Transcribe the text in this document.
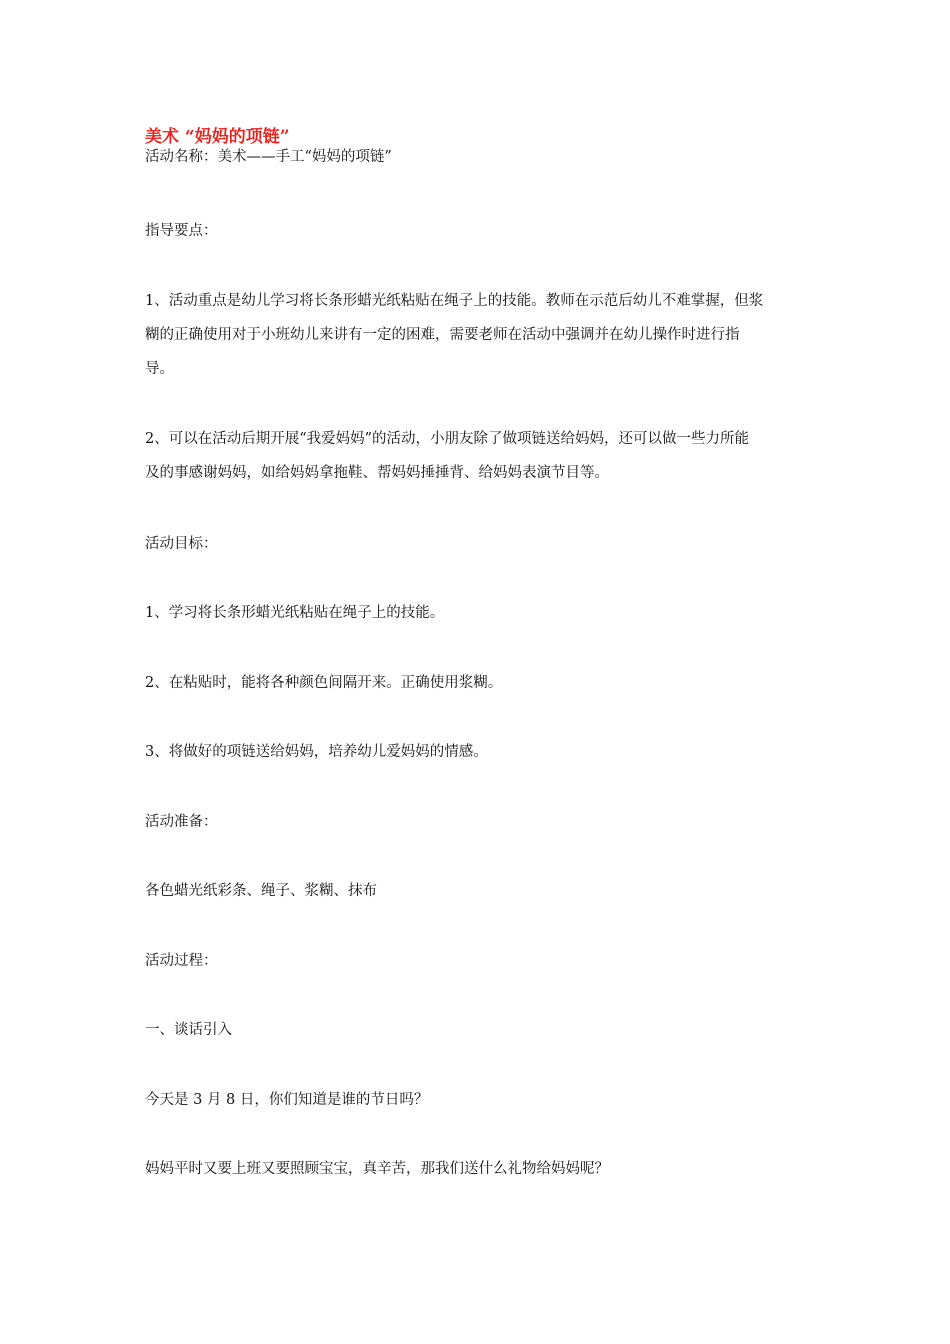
美术 “妈妈的项链”
活动名称：美术——手工“妈妈的项链”
指导要点：
1、活动重点是幼儿学习将长条形蜡光纸粘贴在绳子上的技能。教师在示范后幼儿不难掌握，但浆
糊的正确使用对于小班幼儿来讲有一定的困难，需要老师在活动中强调并在幼儿操作时进行指
导。
2、可以在活动后期开展“我爱妈妈”的活动，小朋友除了做项链送给妈妈，还可以做一些力所能
及的事感谢妈妈，如给妈妈拿拖鞋、帮妈妈捶捶背、给妈妈表演节目等。
活动目标：
1、学习将长条形蜡光纸粘贴在绳子上的技能。
2、在粘贴时，能将各种颜色间隔开来。正确使用浆糊。
3、将做好的项链送给妈妈，培养幼儿爱妈妈的情感。
活动准备：
各色蜡光纸彩条、绳子、浆糊、抹布
活动过程：
一、谈话引入
今天是 3 月 8 日，你们知道是谁的节日吗？
妈妈平时又要上班又要照顾宝宝，真辛苦，那我们送什么礼物给妈妈呢？
